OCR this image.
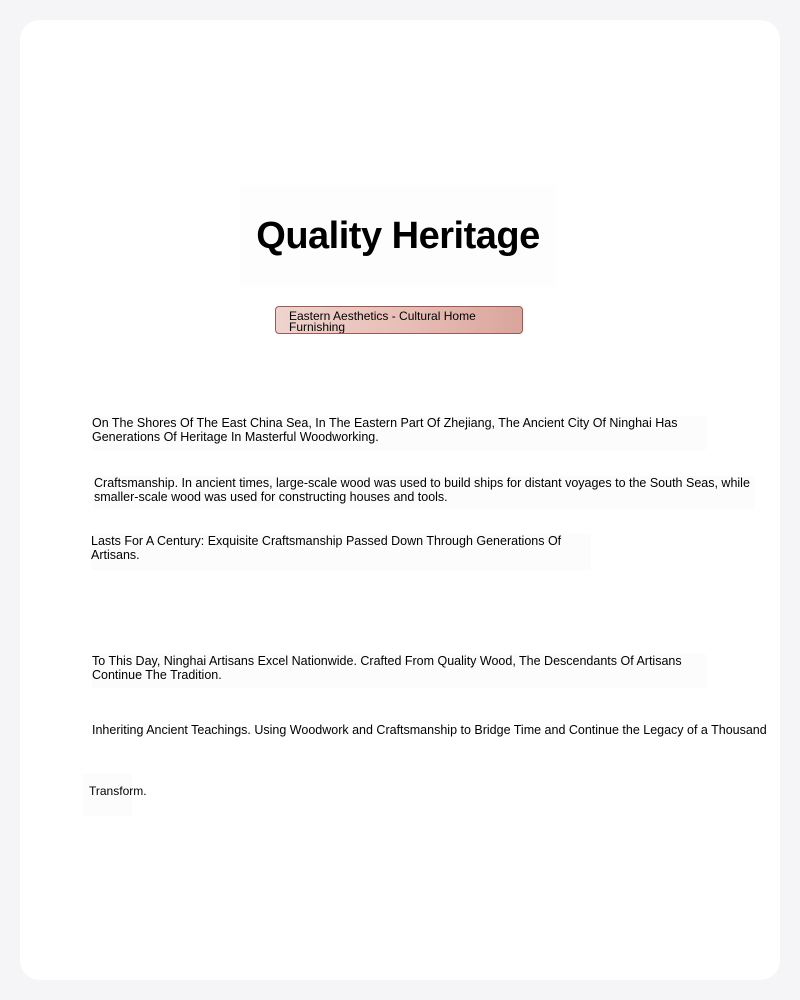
Quality Heritage
Eastern Aesthetics - Cultural Home Furnishing

On The Shores Of The East China Sea, In The Eastern Part Of Zhejiang, The Ancient City Of Ninghai Has Generations Of Heritage In Masterful Woodworking.

Craftsmanship. In ancient times, large-scale wood was used to build ships for distant voyages to the South Seas, while smaller-scale wood was used for constructing houses and tools.

Lasts For A Century: Exquisite Craftsmanship Passed Down Through Generations Of Artisans.

To This Day, Ninghai Artisans Excel Nationwide. Crafted From Quality Wood, The Descendants Of Artisans Continue The Tradition.

Inheriting Ancient Teachings. Using Woodwork and Craftsmanship to Bridge Time and Continue the Legacy of a Thousand

Transform.
